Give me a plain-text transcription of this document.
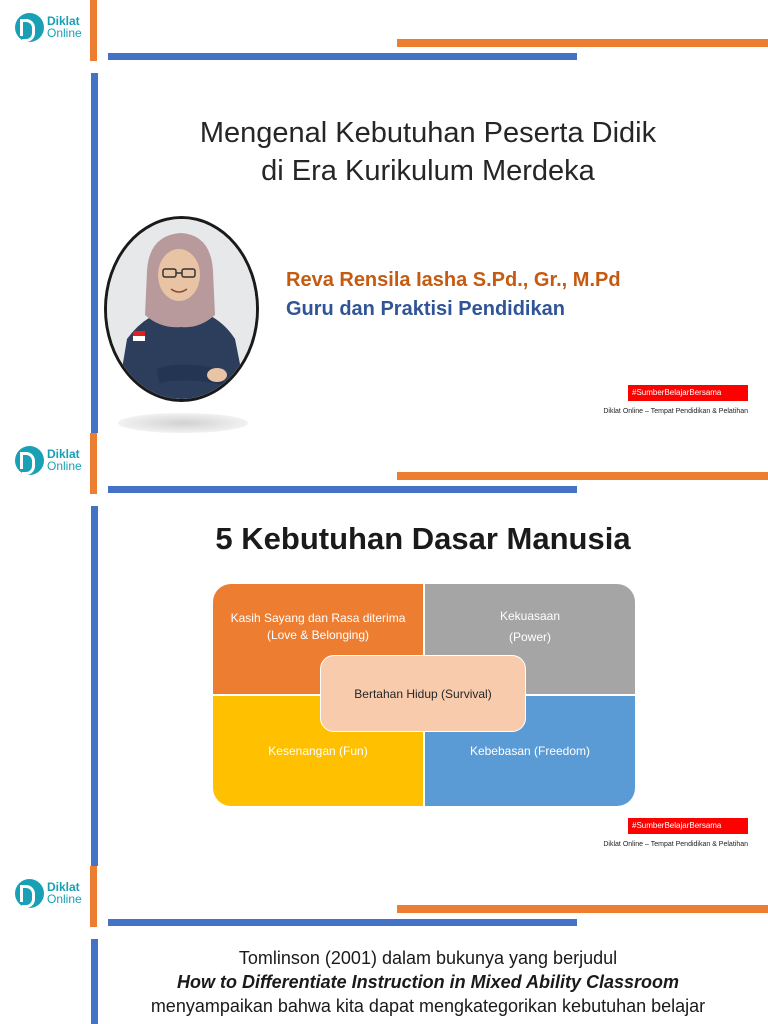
Diklat
Online
Mengenal Kebutuhan Peserta Didik
di Era Kurikulum Merdeka
Reva Rensila Iasha S.Pd., Gr., M.Pd
Guru dan Praktisi Pendidikan
#SumberBelajarBersama
Diklat Online – Tempat Pendidikan & Pelatihan
Diklat
Online
5 Kebutuhan Dasar Manusia
Kasih Sayang dan Rasa diterima
(Love & Belonging)
Kekuasaan
(Power)
Kesenangan (Fun)	Kebebasan (Freedom)
Bertahan Hidup (Survival)
#SumberBelajarBersama
Diklat Online – Tempat Pendidikan & Pelatihan
Diklat
Online
Tomlinson (2001) dalam bukunya yang berjudul
How to Differentiate Instruction in Mixed Ability Classroom
menyampaikan bahwa kita dapat mengkategorikan kebutuhan belajar
